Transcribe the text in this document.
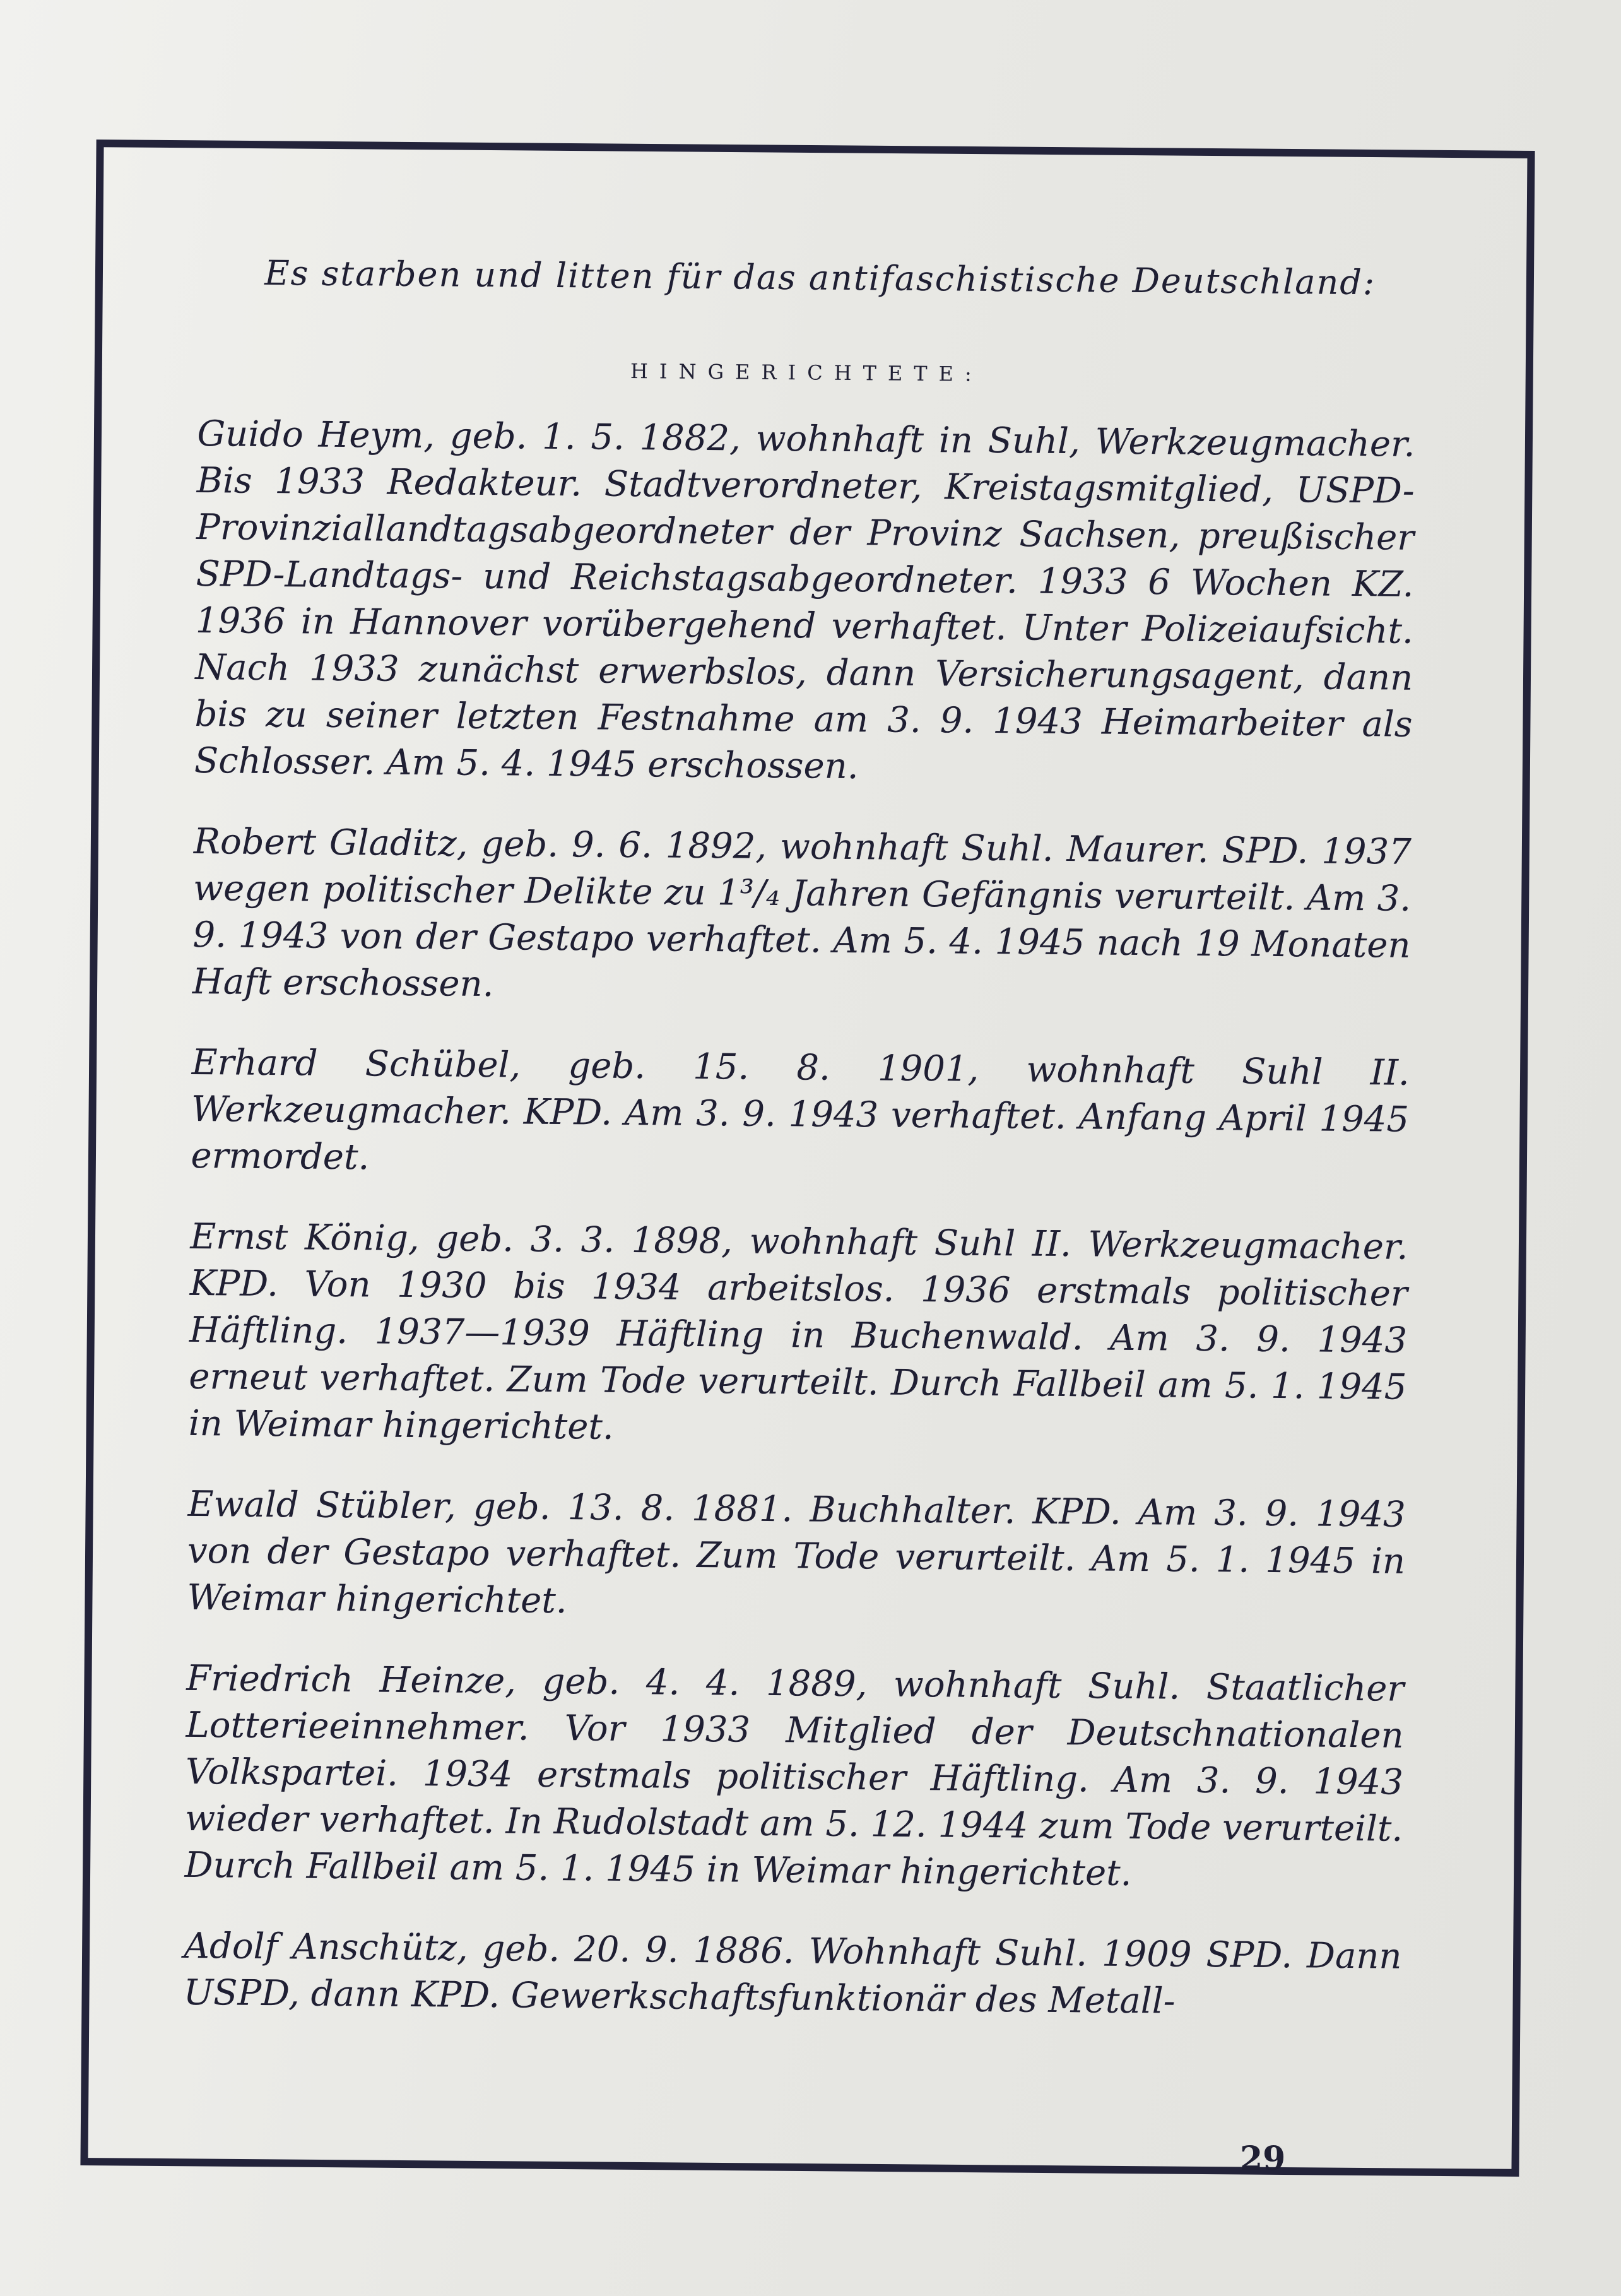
Es starben und litten für das antifaschistische Deutschland:
HINGERICHTETE:

Guido Heym, geb. 1. 5. 1882, wohnhaft in Suhl, Werkzeugmacher. Bis 1933 Redakteur. Stadtverordneter, Kreistagsmitglied, USPD-Provinziallandtagsabgeordneter der Provinz Sachsen, preußischer SPD-Landtags- und Reichstagsabgeordneter. 1933 6 Wochen KZ. 1936 in Hannover vorübergehend verhaftet. Unter Polizeiaufsicht. Nach 1933 zunächst erwerbslos, dann Versicherungsagent, dann bis zu seiner letzten Festnahme am 3. 9. 1943 Heimarbeiter als Schlosser. Am 5. 4. 1945 erschossen.

Robert Gladitz, geb. 9. 6. 1892, wohnhaft Suhl. Maurer. SPD. 1937 wegen politischer Delikte zu 1³/₄ Jahren Gefängnis verurteilt. Am 3. 9. 1943 von der Gestapo verhaftet. Am 5. 4. 1945 nach 19 Monaten Haft erschossen.

Erhard Schübel, geb. 15. 8. 1901, wohnhaft Suhl II. Werkzeugmacher. KPD. Am 3. 9. 1943 verhaftet. Anfang April 1945 ermordet.

Ernst König, geb. 3. 3. 1898, wohnhaft Suhl II. Werkzeugmacher. KPD. Von 1930 bis 1934 arbeitslos. 1936 erstmals politischer Häftling. 1937—1939 Häftling in Buchenwald. Am 3. 9. 1943 erneut verhaftet. Zum Tode verurteilt. Durch Fallbeil am 5. 1. 1945 in Weimar hingerichtet.

Ewald Stübler, geb. 13. 8. 1881. Buchhalter. KPD. Am 3. 9. 1943 von der Gestapo verhaftet. Zum Tode verurteilt. Am 5. 1. 1945 in Weimar hingerichtet.

Friedrich Heinze, geb. 4. 4. 1889, wohnhaft Suhl. Staatlicher Lotterieeinnehmer. Vor 1933 Mitglied der Deutschnationalen Volkspartei. 1934 erstmals politischer Häftling. Am 3. 9. 1943 wieder verhaftet. In Rudolstadt am 5. 12. 1944 zum Tode verurteilt. Durch Fallbeil am 5. 1. 1945 in Weimar hingerichtet.

Adolf Anschütz, geb. 20. 9. 1886. Wohnhaft Suhl. 1909 SPD. Dann USPD, dann KPD. Gewerkschaftsfunktionär des Metall-

29
